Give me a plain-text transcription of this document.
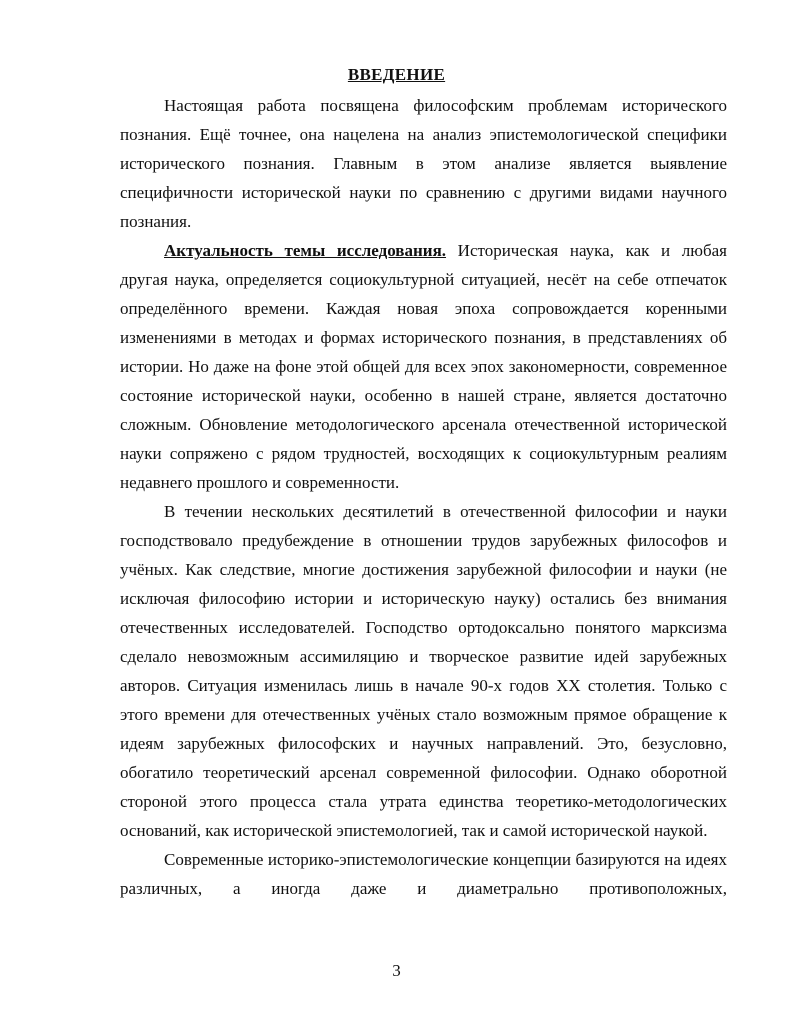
ВВЕДЕНИЕ

Настоящая работа посвящена философским проблемам исторического познания. Ещё точнее, она нацелена на анализ эпистемологической специфики исторического познания. Главным в этом анализе является выявление специфичности исторической науки по сравнению с другими видами научного познания.

Актуальность темы исследования. Историческая наука, как и любая другая наука, определяется социокультурной ситуацией, несёт на себе отпечаток определённого времени. Каждая новая эпоха сопровождается коренными изменениями в методах и формах исторического познания, в представлениях об истории. Но даже на фоне этой общей для всех эпох закономерности, современное состояние исторической науки, особенно в нашей стране, является достаточно сложным. Обновление методологического арсенала отечественной исторической науки сопряжено с рядом трудностей, восходящих к социокультурным реалиям недавнего прошлого и современности.

В течении нескольких десятилетий в отечественной философии и науки господствовало предубеждение в отношении трудов зарубежных философов и учёных. Как следствие, многие достижения зарубежной философии и науки (не исключая философию истории и историческую науку) остались без внимания отечественных исследователей. Господство ортодоксально понятого марксизма сделало невозможным ассимиляцию и творческое развитие идей зарубежных авторов. Ситуация изменилась лишь в начале 90-х годов XX столетия. Только с этого времени для отечественных учёных стало возможным прямое обращение к идеям зарубежных философских и научных направлений. Это, безусловно, обогатило теоретический арсенал современной философии. Однако оборотной стороной этого процесса стала утрата единства теоретико-методологических оснований, как исторической эпистемологией, так и самой исторической наукой.

Современные историко-эпистемологические концепции базируются на идеях различных, а иногда даже и диаметрально противоположных,

3
